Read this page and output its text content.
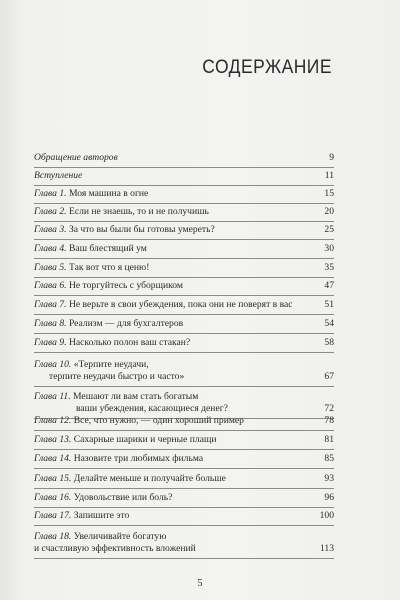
СОДЕРЖАНИЕ
Обращение авторов	9
Вступление	11
Глава 1. Моя машина в огне	15
Глава 2. Если не знаешь, то и не получишь	20
Глава 3. За что вы были бы готовы умереть?	25
Глава 4. Ваш блестящий ум	30
Глава 5. Так вот что я ценю!	35
Глава 6. Не торгуйтесь с уборщиком	47
Глава 7. Не верьте в свои убеждения, пока они не поверят в вас	51
Глава 8. Реализм — для бухгалтеров	54
Глава 9. Насколько полон ваш стакан?	58
Глава 10. «Терпите неудачи,
терпите неудачи быстро и часто»	67
Глава 11. Мешают ли вам стать богатым
ваши убеждения, касающиеся денег?	72
Глава 12. Все, что нужно, — один хороший пример	78
Глава 13. Сахарные шарики и черные плащи	81
Глава 14. Назовите три любимых фильма	85
Глава 15. Делайте меньше и получайте больше	93
Глава 16. Удовольствие или боль?	96
Глава 17. Запишите это	100
Глава 18. Увеличивайте богатую
и счастливую эффективность вложений	113
5
